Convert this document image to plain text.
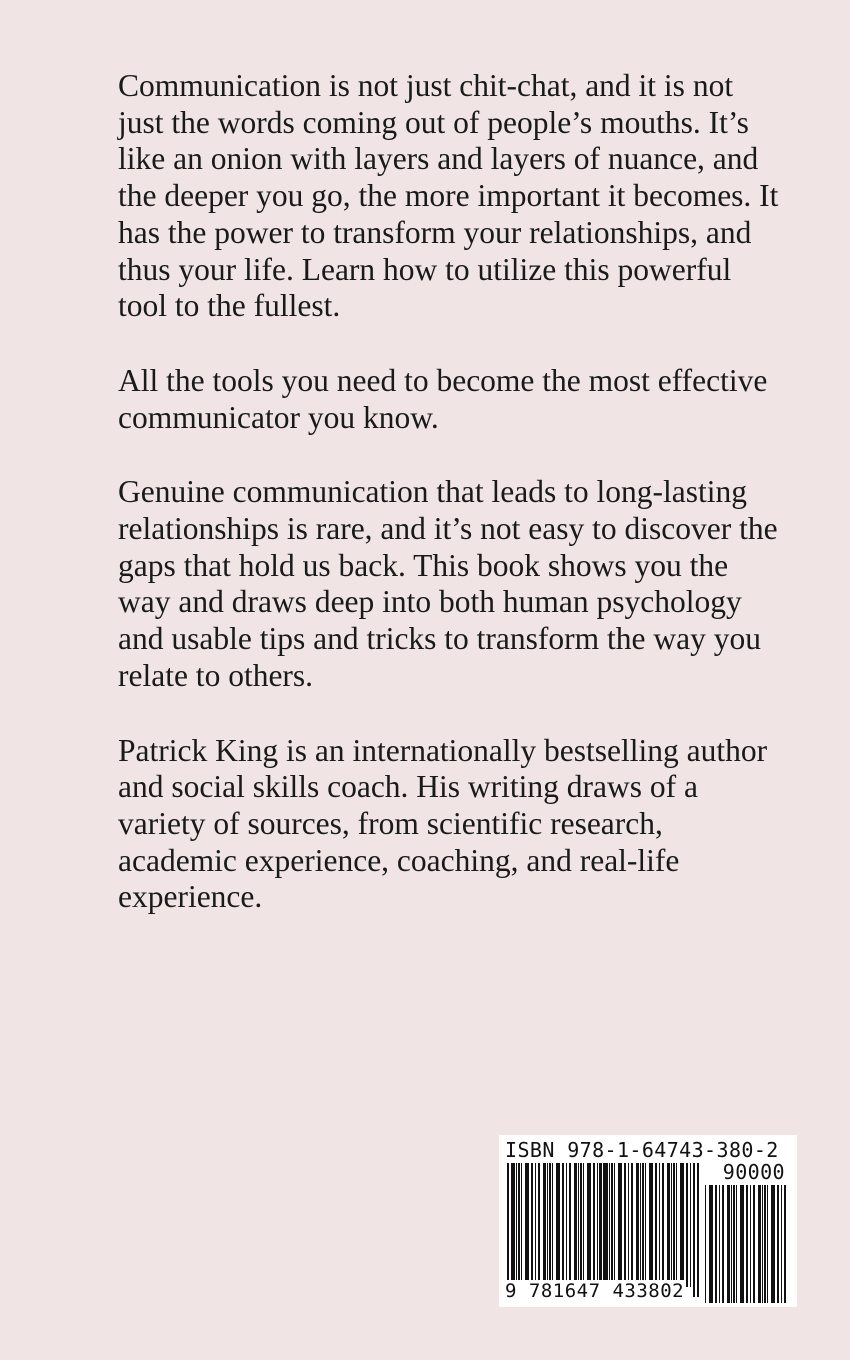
Communication is not just chit-chat, and it is not just the words coming out of people’s mouths. It’s like an onion with layers and layers of nuance, and the deeper you go, the more important it becomes. It has the power to transform your relationships, and thus your life. Learn how to utilize this powerful tool to the fullest.

All the tools you need to become the most effective communicator you know.

Genuine communication that leads to long-lasting relationships is rare, and it’s not easy to discover the gaps that hold us back. This book shows you the way and draws deep into both human psychology and usable tips and tricks to transform the way you relate to others.

Patrick King is an internationally bestselling author and social skills coach. His writing draws of a variety of sources, from scientific research, academic experience, coaching, and real-life experience.

ISBN 978-1-64743-380-2
90000
9 781647 433802
